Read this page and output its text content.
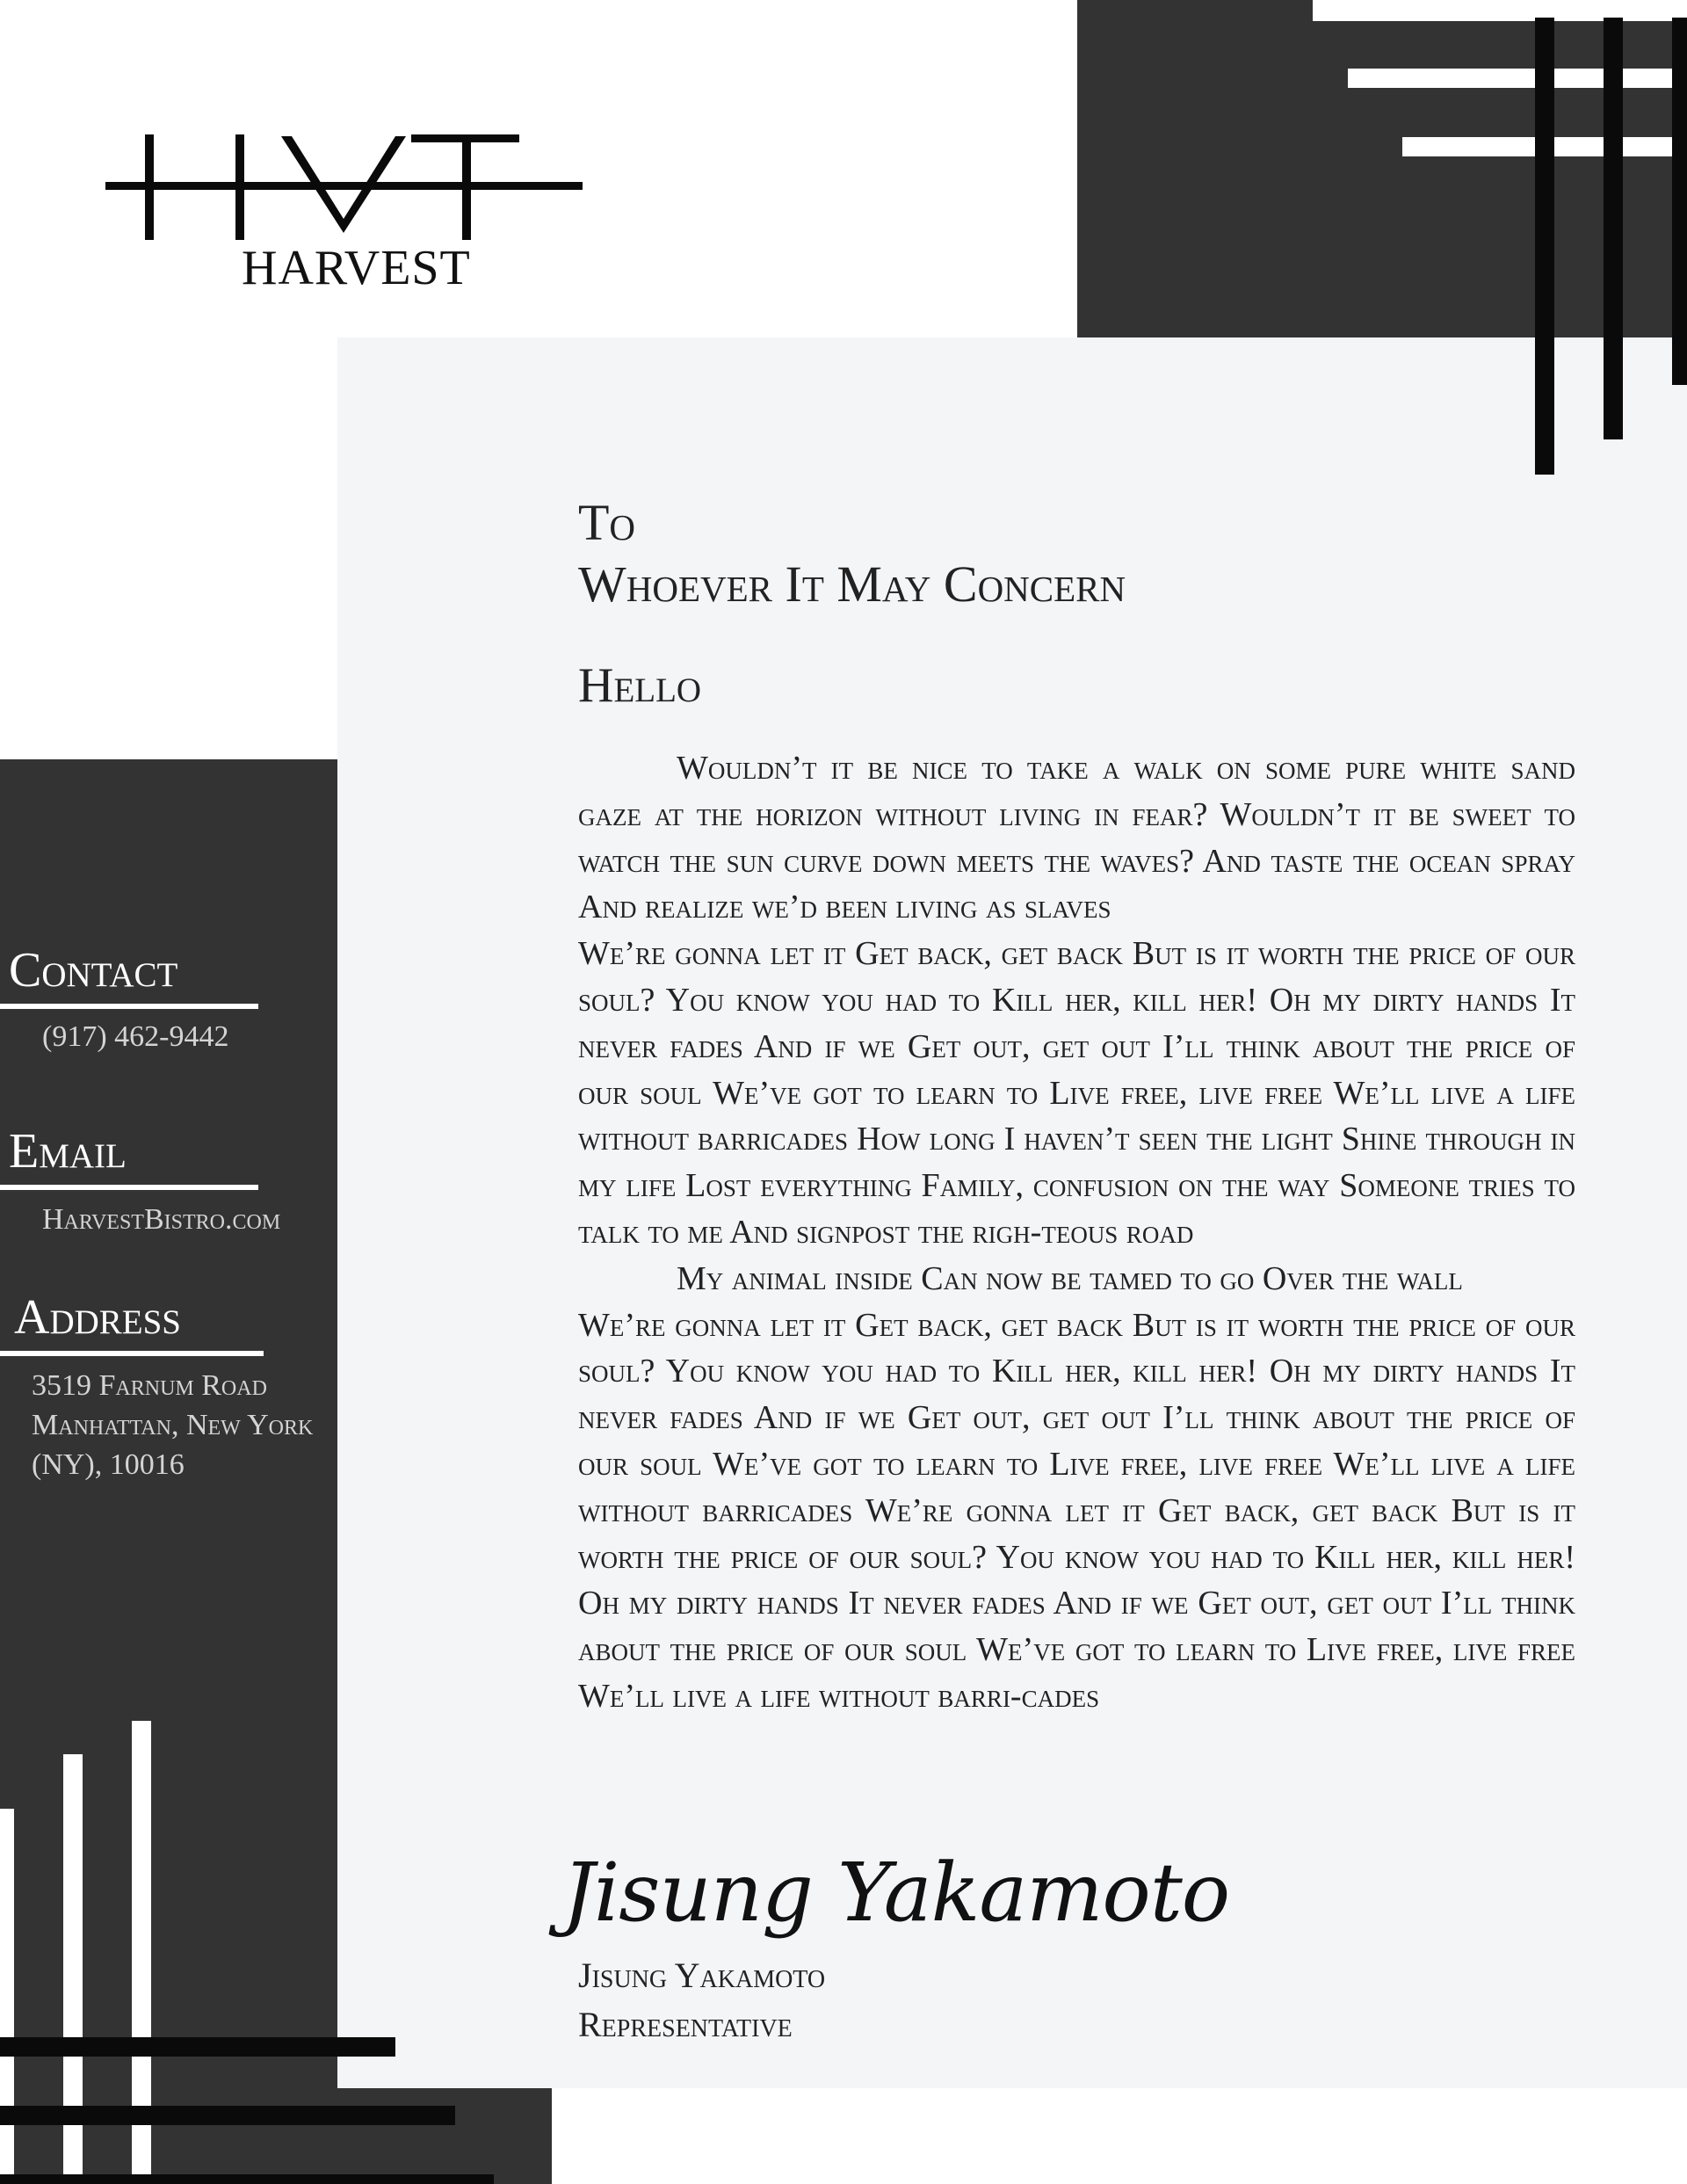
HARVEST
To
Whoever It May Concern
Hello

Wouldn’t it be nice to take a walk on some pure white sand gaze at the horizon without living in fear? Wouldn’t it be sweet to watch the sun curve down meets the waves? And taste the ocean spray And realize we’d been living as slaves

We’re gonna let it Get back, get back But is it worth the price of our soul? You know you had to Kill her, kill her! Oh my dirty hands It never fades And if we Get out, get out I’ll think about the price of our soul We’ve got to learn to Live free, live free We’ll live a life without barricades How long I haven’t seen the light Shine through in my life Lost everything Family, confusion on the way Someone tries to talk to me And signpost the righ-teous road

My animal inside Can now be tamed to go Over the wall

We’re gonna let it Get back, get back But is it worth the price of our soul? You know you had to Kill her, kill her! Oh my dirty hands It never fades And if we Get out, get out I’ll think about the price of our soul We’ve got to learn to Live free, live free We’ll live a life without barricades We’re gonna let it Get back, get back But is it worth the price of our soul? You know you had to Kill her, kill her! Oh my dirty hands It never fades And if we Get out, get out I’ll think about the price of our soul We’ve got to learn to Live free, live free We’ll live a life without barri-cades

Jisung Yakamoto
Jisung Yakamoto
Representative
Contact
(917) 462-9442
Email
HarvestBistro.com
Address
3519 Farnum Road
Manhattan, New York
(NY), 10016
